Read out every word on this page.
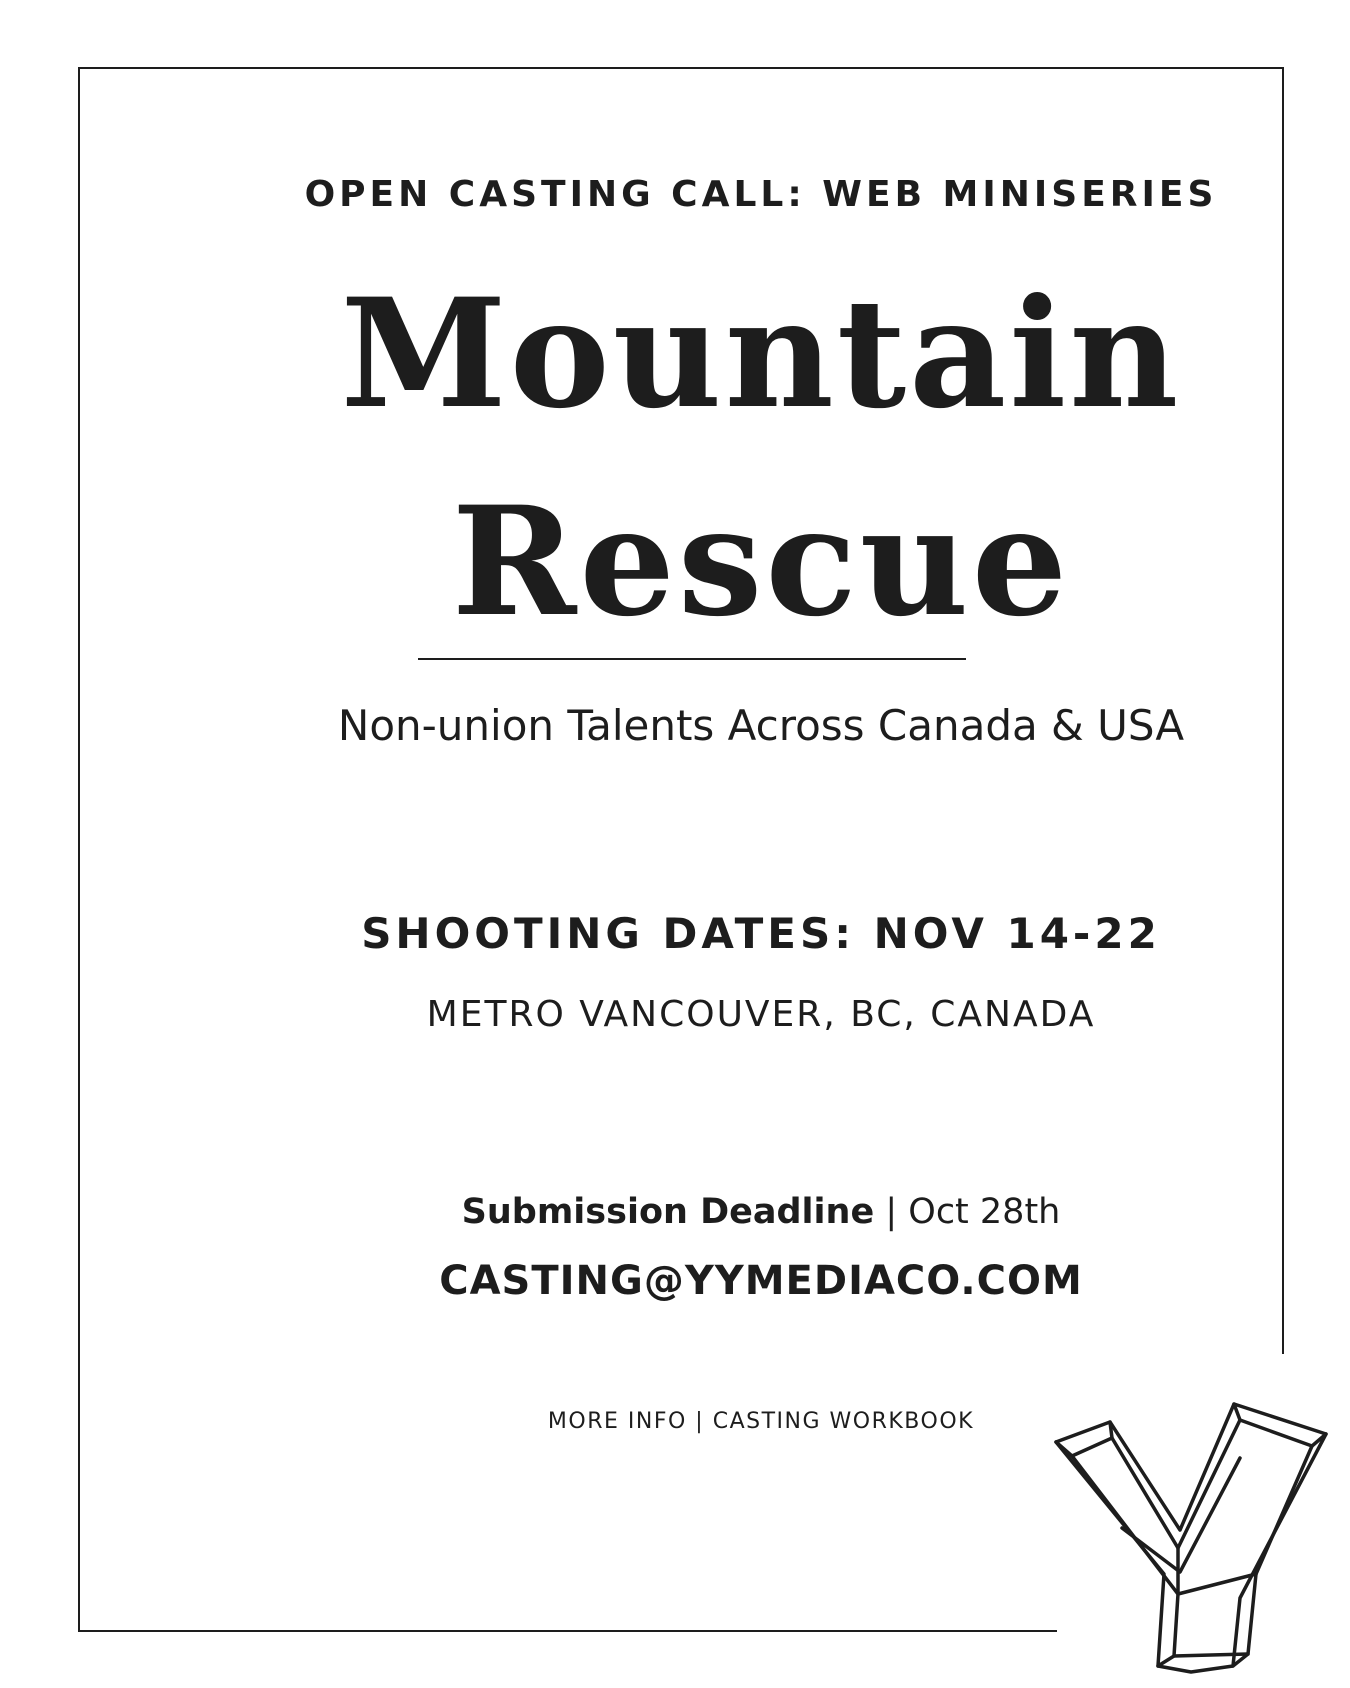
OPEN CASTING CALL: WEB MINISERIES
Mountain
Rescue
Non-union Talents Across Canada & USA
SHOOTING DATES: NOV 14-22
METRO VANCOUVER, BC, CANADA
Submission Deadline | Oct 28th
CASTING@YYMEDIACO.COM
MORE INFO | CASTING WORKBOOK
